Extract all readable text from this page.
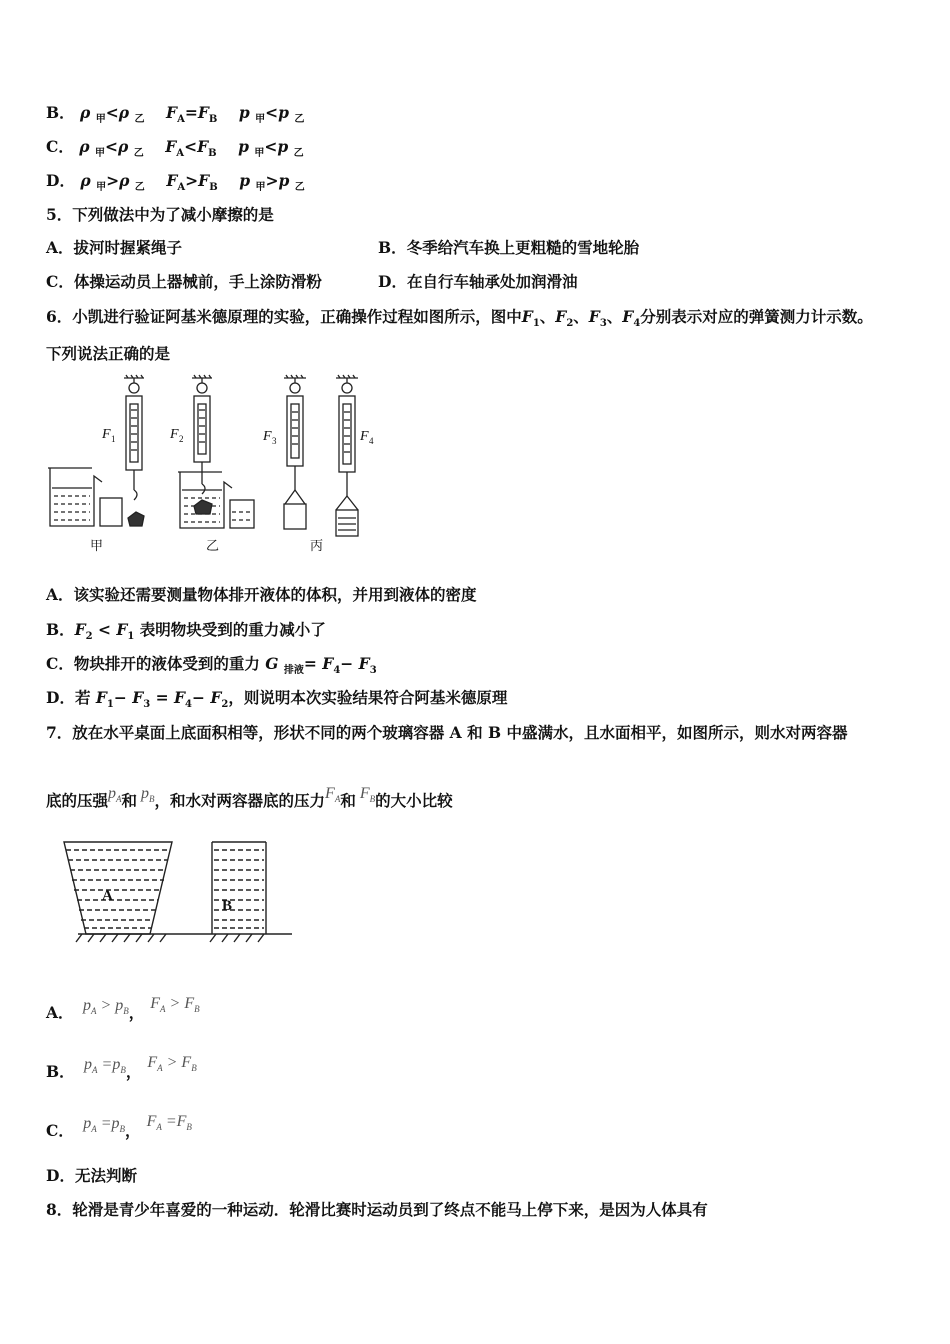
B． ρ $_甲$<ρ $_乙$ $F_A=F_B$ p $_甲$<p $_乙$
C． ρ $_甲$<ρ $_乙$ $F_A<F_B$ p $_甲$<p $_乙$
D． ρ $_甲$>ρ $_乙$ $F_A>F_B$ p $_甲$>p $_乙$
5．下列做法中为了减小摩擦的是
A．拔河时握紧绳子	B．冬季给汽车换上更粗糙的雪地轮胎
C．体操运动员上器械前，手上涂防滑粉	D．在自行车轴承处加润滑油
6．小凯进行验证阿基米德原理的实验，正确操作过程如图所示，图中$F_1$、$F_2$、$F_3$、$F_4$分别表示对应的弹簧测力计示数。
下列说法正确的是
F 1	F 2	F 3	F 4
甲	乙	丙
A．该实验还需要测量物体排开液体的体积，并用到液体的密度
B．$F_2 < F_1$ 表明物块受到的重力减小了
C．物块排开的液体受到的重力 G $_{排液}= F_4- F_3$
D．若 $F_1- F_3 = F_4- F_2$，则说明本次实验结果符合阿基米德原理
7．放在水平桌面上底面积相等，形状不同的两个玻璃容器 A 和 B 中盛满水，且水面相平，如图所示，则水对两容器
底的压强$p_A$和 $p_B$，和水对两容器底的压力$F_A$和 $F_B$的大小比较
A
B
A． $p_A > p_B$， $F_A > F_B$
B． $p_A =p_B$， $F_A > F_B$
C． $p_A =p_B$， $F_A =F_B$
D．无法判断
8．轮滑是青少年喜爱的一种运动．轮滑比赛时运动员到了终点不能马上停下来，是因为人体具有
